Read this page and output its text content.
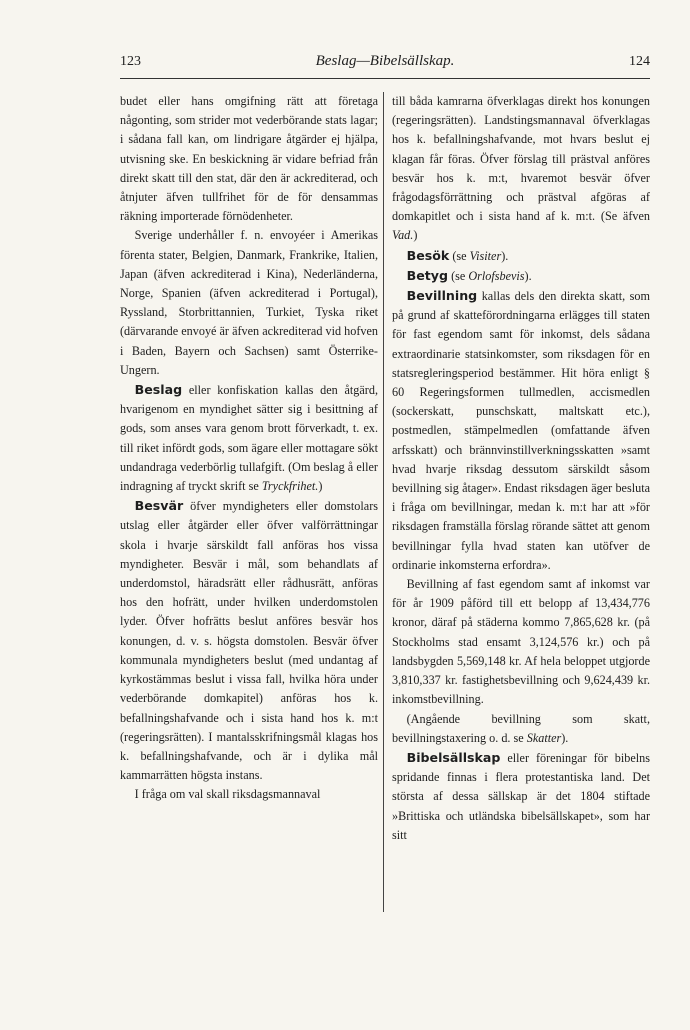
123	Beslag—Bibelsällskap.	124

budet eller hans omgifning rätt att företaga någonting, som strider mot vederbörande stats lagar; i sådana fall kan, om lindrigare åtgärder ej hjälpa, utvisning ske. En beskickning är vidare befriad från direkt skatt till den stat, där den är ackrediterad, och åtnjuter äfven tullfrihet för de för densammas räkning importerade förnödenheter.

Sverige underhåller f. n. envoyéer i Amerikas förenta stater, Belgien, Danmark, Frankrike, Italien, Japan (äfven ackrediterad i Kina), Nederländerna, Norge, Spanien (äfven ackrediterad i Portugal), Ryssland, Storbrittannien, Turkiet, Tyska riket (därvarande envoyé är äfven ackrediterad vid hofven i Baden, Bayern och Sachsen) samt Österrike-Ungern.

Beslag eller konfiskation kallas den åtgärd, hvarigenom en myndighet sätter sig i besittning af gods, som anses vara genom brott förverkadt, t. ex. till riket infördt gods, som ägare eller mottagare sökt undandraga vederbörlig tullafgift. (Om beslag å eller indragning af tryckt skrift se Tryckfrihet.)

Besvär öfver myndigheters eller domstolars utslag eller åtgärder eller öfver valförrättningar skola i hvarje särskildt fall anföras hos vissa myndigheter. Besvär i mål, som behandlats af underdomstol, häradsrätt eller rådhusrätt, anföras hos den hofrätt, under hvilken underdomstolen lyder. Öfver hofrätts beslut anföres besvär hos konungen, d. v. s. högsta domstolen. Besvär öfver kommunala myndigheters beslut (med undantag af kyrkostämmas beslut i vissa fall, hvilka höra under vederbörande domkapitel) anföras hos k. befallningshafvande och i sista hand hos k. m:t (regeringsrätten). I mantalsskrifningsmål klagas hos k. befallningshafvande, och är i dylika mål kammarrätten högsta instans.

I fråga om val skall riksdagsmannaval

till båda kamrarna öfverklagas direkt hos konungen (regeringsrätten). Landstingsmannaval öfverklagas hos k. befallningshafvande, mot hvars beslut ej klagan får föras. Öfver förslag till prästval anföres besvär hos k. m:t, hvaremot besvär öfver frågodagsförrättning och prästval afgöras af domkapitlet och i sista hand af k. m:t. (Se äfven Vad.)

Besök (se Visiter).

Betyg (se Orlofsbevis).

Bevillning kallas dels den direkta skatt, som på grund af skatteförordningarna erlägges till staten för fast egendom samt för inkomst, dels sådana extraordinarie statsinkomster, som riksdagen för en statsregleringsperiod bestämmer. Hit höra enligt § 60 Regeringsformen tullmedlen, accismedlen (sockerskatt, punschskatt, maltskatt etc.), postmedlen, stämpelmedlen (omfattande äfven arfsskatt) och brännvinstillverkningsskatten »samt hvad hvarje riksdag dessutom särskildt såsom bevillning sig åtager». Endast riksdagen äger besluta i fråga om bevillningar, medan k. m:t har att »för riksdagen framställa förslag rörande sättet att genom bevillningar fylla hvad staten kan utöfver de ordinarie inkomsterna erfordra».

Bevillning af fast egendom samt af inkomst var för år 1909 påförd till ett belopp af 13,434,776 kronor, däraf på städerna kommo 7,865,628 kr. (på Stockholms stad ensamt 3,124,576 kr.) och på landsbygden 5,569,148 kr. Af hela beloppet utgjorde 3,810,337 kr. fastighetsbevillning och 9,624,439 kr. inkomstbevillning.

(Angående bevillning som skatt, bevillningstaxering o. d. se Skatter).

Bibelsällskap eller föreningar för bibelns spridande finnas i flera protestantiska land. Det största af dessa sällskap är det 1804 stiftade »Brittiska och utländska bibelsällskapet», som har sitt
